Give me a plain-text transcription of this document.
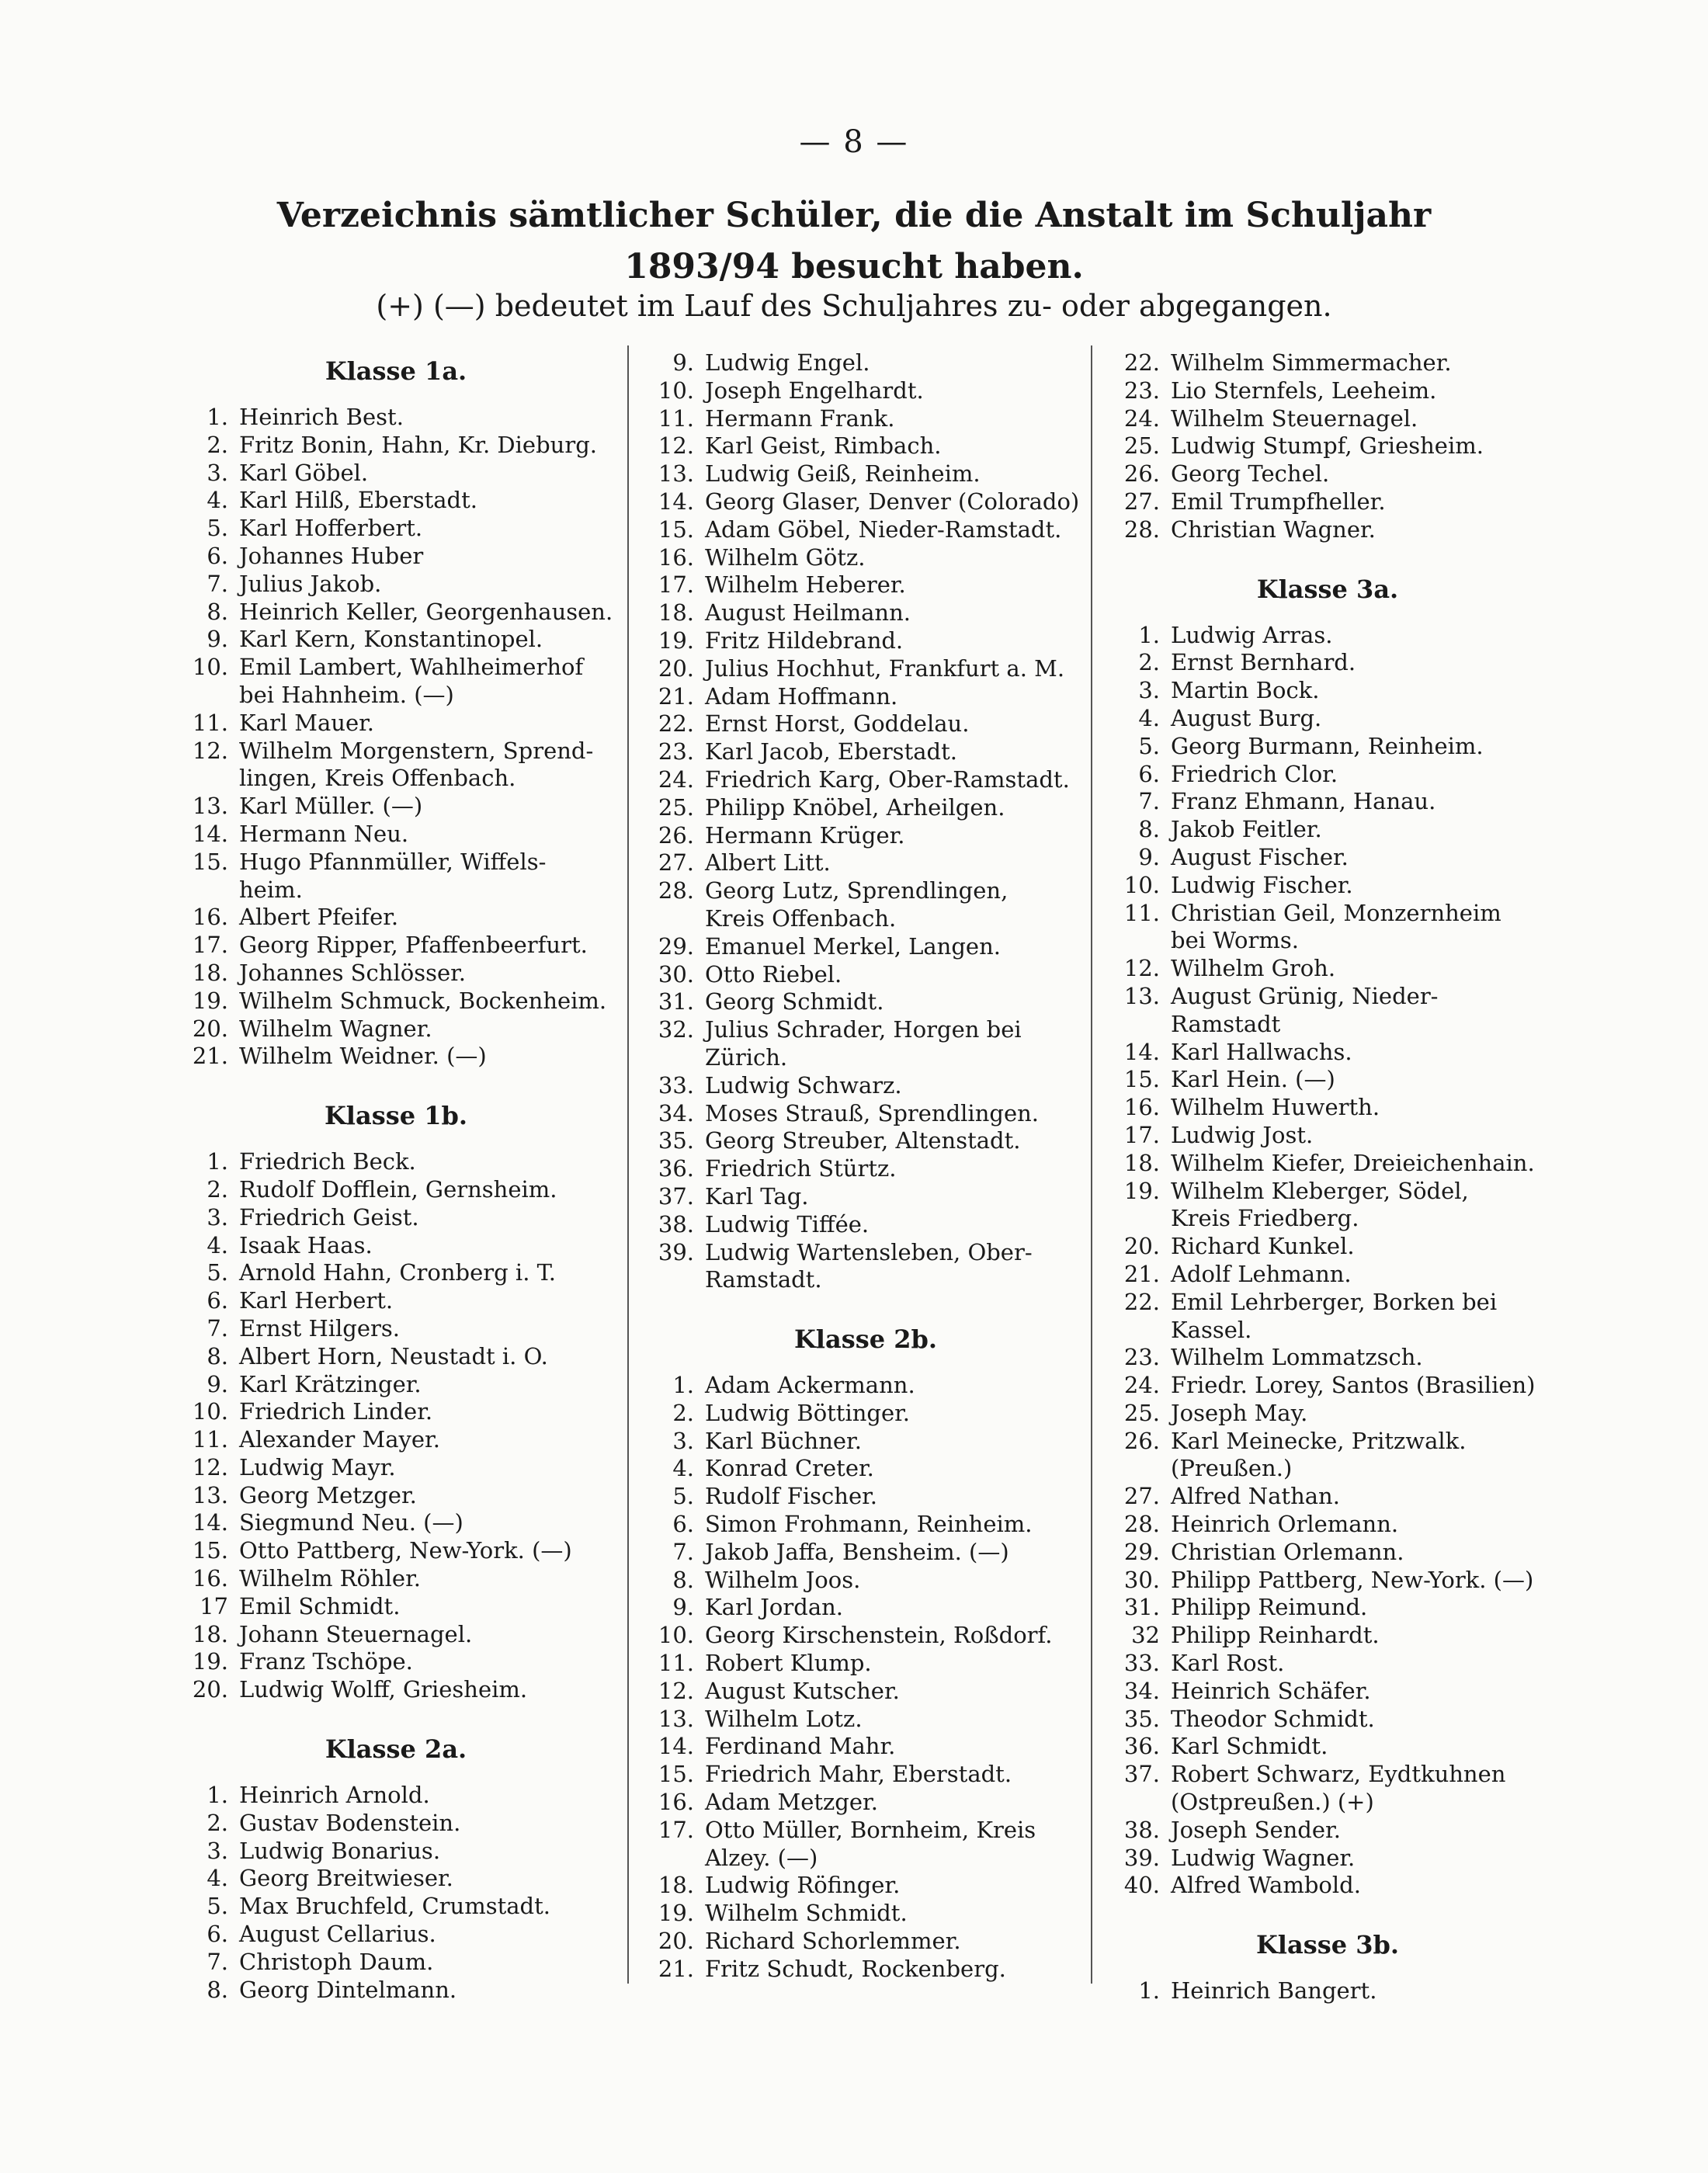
— 8 —
Verzeichnis sämtlicher Schüler, die die Anstalt im Schuljahr 1893/94 besucht haben.
(+) (—) bedeutet im Lauf des Schuljahres zu- oder abgegangen.
Klasse 1a.
1. Heinrich Best.
2. Fritz Bonin, Hahn, Kr. Dieburg.
3. Karl Göbel.
4. Karl Hilß, Eberstadt.
5. Karl Hofferbert.
6. Johannes Huber
7. Julius Jakob.
8. Heinrich Keller, Georgenhausen.
9. Karl Kern, Konstantinopel.
10. Emil Lambert, Wahlheimerhof
bei Hahnheim. (—)
11. Karl Mauer.
12. Wilhelm Morgenstern, Sprend-
lingen, Kreis Offenbach.
13. Karl Müller. (—)
14. Hermann Neu.
15. Hugo Pfannmüller, Wiffels-
heim.
16. Albert Pfeifer.
17. Georg Ripper, Pfaffenbeerfurt.
18. Johannes Schlösser.
19. Wilhelm Schmuck, Bockenheim.
20. Wilhelm Wagner.
21. Wilhelm Weidner. (—)
Klasse 1b.
1. Friedrich Beck.
2. Rudolf Dofflein, Gernsheim.
3. Friedrich Geist.
4. Isaak Haas.
5. Arnold Hahn, Cronberg i. T.
6. Karl Herbert.
7. Ernst Hilgers.
8. Albert Horn, Neustadt i. O.
9. Karl Krätzinger.
10. Friedrich Linder.
11. Alexander Mayer.
12. Ludwig Mayr.
13. Georg Metzger.
14. Siegmund Neu. (—)
15. Otto Pattberg, New-York. (—)
16. Wilhelm Röhler.
17 Emil Schmidt.
18. Johann Steuernagel.
19. Franz Tschöpe.
20. Ludwig Wolff, Griesheim.
Klasse 2a.
1. Heinrich Arnold.
2. Gustav Bodenstein.
3. Ludwig Bonarius.
4. Georg Breitwieser.
5. Max Bruchfeld, Crumstadt.
6. August Cellarius.
7. Christoph Daum.
8. Georg Dintelmann.
9. Ludwig Engel.
10. Joseph Engelhardt.
11. Hermann Frank.
12. Karl Geist, Rimbach.
13. Ludwig Geiß, Reinheim.
14. Georg Glaser, Denver (Colorado)
15. Adam Göbel, Nieder-Ramstadt.
16. Wilhelm Götz.
17. Wilhelm Heberer.
18. August Heilmann.
19. Fritz Hildebrand.
20. Julius Hochhut, Frankfurt a. M.
21. Adam Hoffmann.
22. Ernst Horst, Goddelau.
23. Karl Jacob, Eberstadt.
24. Friedrich Karg, Ober-Ramstadt.
25. Philipp Knöbel, Arheilgen.
26. Hermann Krüger.
27. Albert Litt.
28. Georg Lutz, Sprendlingen,
Kreis Offenbach.
29. Emanuel Merkel, Langen.
30. Otto Riebel.
31. Georg Schmidt.
32. Julius Schrader, Horgen bei
Zürich.
33. Ludwig Schwarz.
34. Moses Strauß, Sprendlingen.
35. Georg Streuber, Altenstadt.
36. Friedrich Stürtz.
37. Karl Tag.
38. Ludwig Tiffée.
39. Ludwig Wartensleben, Ober-
Ramstadt.
Klasse 2b.
1. Adam Ackermann.
2. Ludwig Böttinger.
3. Karl Büchner.
4. Konrad Creter.
5. Rudolf Fischer.
6. Simon Frohmann, Reinheim.
7. Jakob Jaffa, Bensheim. (—)
8. Wilhelm Joos.
9. Karl Jordan.
10. Georg Kirschenstein, Roßdorf.
11. Robert Klump.
12. August Kutscher.
13. Wilhelm Lotz.
14. Ferdinand Mahr.
15. Friedrich Mahr, Eberstadt.
16. Adam Metzger.
17. Otto Müller, Bornheim, Kreis
Alzey. (—)
18. Ludwig Röfinger.
19. Wilhelm Schmidt.
20. Richard Schorlemmer.
21. Fritz Schudt, Rockenberg.
22. Wilhelm Simmermacher.
23. Lio Sternfels, Leeheim.
24. Wilhelm Steuernagel.
25. Ludwig Stumpf, Griesheim.
26. Georg Techel.
27. Emil Trumpfheller.
28. Christian Wagner.
Klasse 3a.
1. Ludwig Arras.
2. Ernst Bernhard.
3. Martin Bock.
4. August Burg.
5. Georg Burmann, Reinheim.
6. Friedrich Clor.
7. Franz Ehmann, Hanau.
8. Jakob Feitler.
9. August Fischer.
10. Ludwig Fischer.
11. Christian Geil, Monzernheim
bei Worms.
12. Wilhelm Groh.
13. August Grünig, Nieder-Ramstadt
14. Karl Hallwachs.
15. Karl Hein. (—)
16. Wilhelm Huwerth.
17. Ludwig Jost.
18. Wilhelm Kiefer, Dreieichenhain.
19. Wilhelm Kleberger, Södel,
Kreis Friedberg.
20. Richard Kunkel.
21. Adolf Lehmann.
22. Emil Lehrberger, Borken bei
Kassel.
23. Wilhelm Lommatzsch.
24. Friedr. Lorey, Santos (Brasilien)
25. Joseph May.
26. Karl Meinecke, Pritzwalk.
(Preußen.)
27. Alfred Nathan.
28. Heinrich Orlemann.
29. Christian Orlemann.
30. Philipp Pattberg, New-York. (—)
31. Philipp Reimund.
32 Philipp Reinhardt.
33. Karl Rost.
34. Heinrich Schäfer.
35. Theodor Schmidt.
36. Karl Schmidt.
37. Robert Schwarz, Eydtkuhnen
(Ostpreußen.) (+)
38. Joseph Sender.
39. Ludwig Wagner.
40. Alfred Wambold.
Klasse 3b.
1. Heinrich Bangert.
